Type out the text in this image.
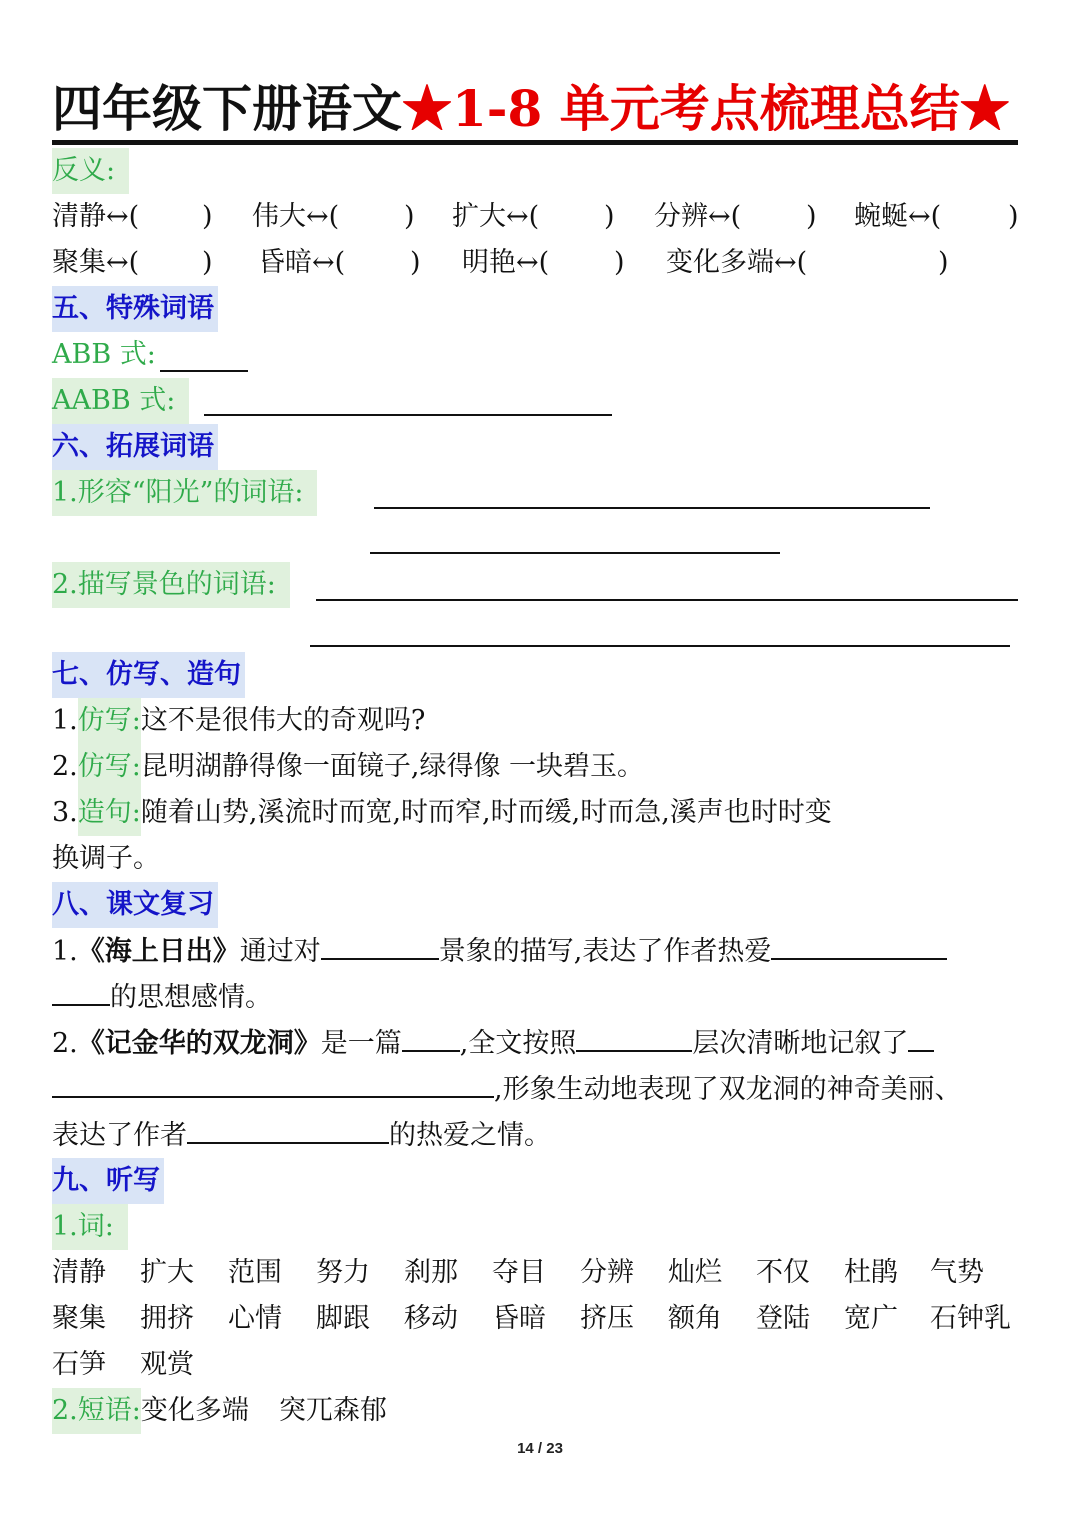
四年级下册语文★1-8 单元考点梳理总结★
反义:
清静↔( ) 伟大↔( ) 扩大↔( ) 分辨↔( ) 蜿蜒↔( )
聚集↔( ) 昏暗↔( ) 明艳↔( ) 变化多端↔(	)
五、特殊词语
ABB 式:
AABB 式:
六、拓展词语
1.形容“阳光”的词语:
2.描写景色的词语:
七、仿写、造句
1.仿写:这不是很伟大的奇观吗?
2.仿写:昆明湖静得像一面镜子,绿得像 一块碧玉。
3.造句:随着山势,溪流时而宽,时而窄,时而缓,时而急,溪声也时时变
换调子。
八、课文复习
1.《海上日出》通过对	景象的描写,表达了作者热爱
的思想感情。
2.《记金华的双龙洞》是一篇 ,全文按照	层次清晰地记叙了
,形象生动地表现了双龙洞的神奇美丽、
表达了作者	的热爱之情。
九、听写
1.词:
清静 扩大 范围 努力 刹那 夺目 分辨 灿烂 不仅 杜鹃 气势
聚集 拥挤 心情 脚跟 移动 昏暗 挤压 额角 登陆 宽广 石钟乳
石笋 观赏
2.短语:变化多端 突兀森郁
14 / 23
